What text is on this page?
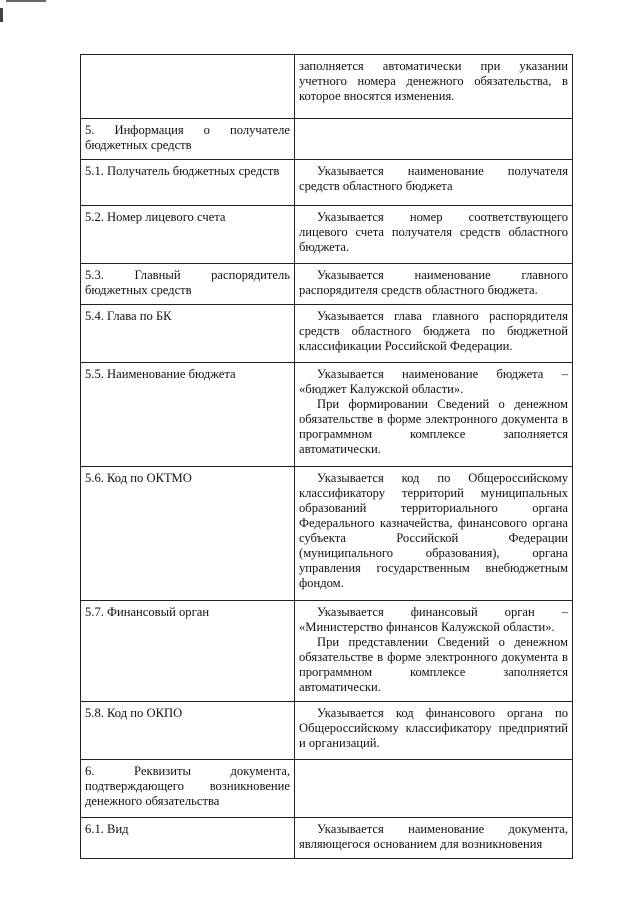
	заполняется автоматически при указании учетного номера денежного обязательства, в которое вносятся изменения.
5. Информация о получателе бюджетных средств	
5.1. Получатель бюджетных средств	Указывается наименование получателя средств областного бюджета

5.2. Номер лицевого счета	Указывается номер соответствующего лицевого счета получателя средств областного бюджета.

5.3. Главный распорядитель бюджетных средств	Указывается наименование главного распорядителя средств областного бюджета.

5.4. Глава по БК	Указывается глава главного распорядителя средств областного бюджета по бюджетной классификации Российской Федерации.

5.5. Наименование бюджета	Указывается наименование бюджета – «бюджет Калужской области».
При формировании Сведений о денежном обязательстве в форме электронного документа в программном комплексе заполняется автоматически.

5.6. Код по ОКТМО	Указывается код по Общероссийскому классификатору территорий муниципальных образований территориального органа Федерального казначейства, финансового органа субъекта Российской Федерации (муниципального образования), органа управления государственным внебюджетным фондом.

5.7. Финансовый орган	Указывается финансовый орган – «Министерство финансов Калужской области».
При представлении Сведений о денежном обязательстве в форме электронного документа в программном комплексе заполняется автоматически.

5.8. Код по ОКПО	Указывается код финансового органа по Общероссийскому классификатору предприятий и организаций.

6. Реквизиты документа, подтверждающего возникновение денежного обязательства	
6.1. Вид	Указывается наименование документа, являющегося основанием для возникновения
